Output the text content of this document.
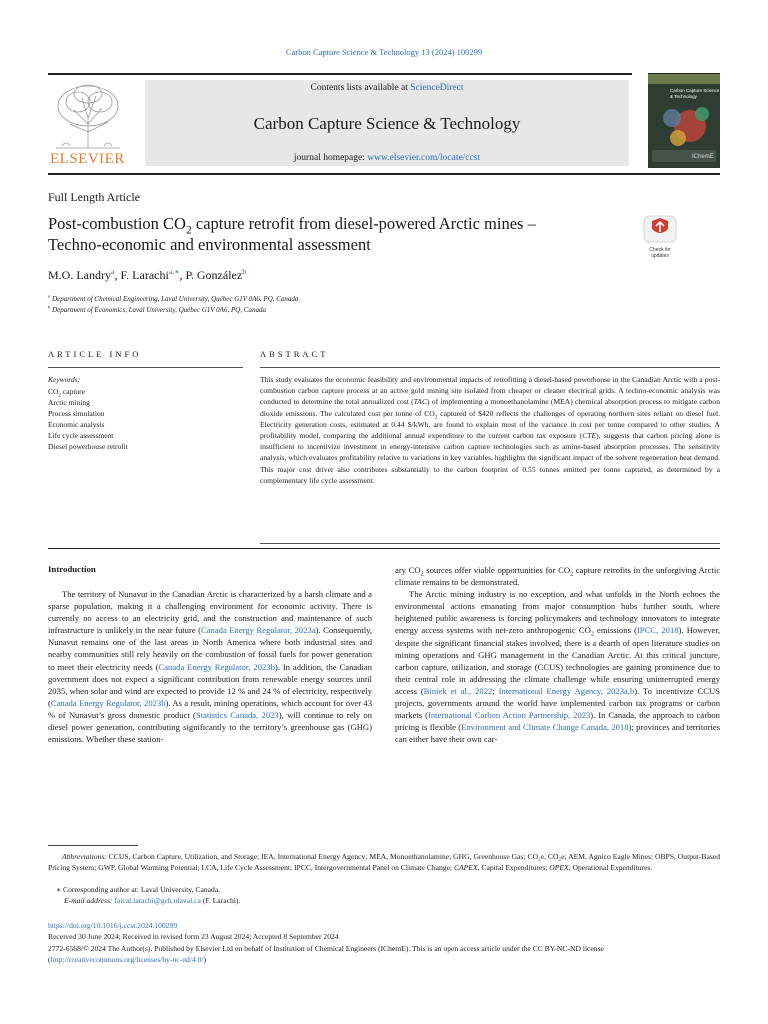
Carbon Capture Science & Technology 13 (2024) 100299
ELSEVIER
Contents lists available at ScienceDirect
Carbon Capture Science & Technology
journal homepage: www.elsevier.com/locate/ccst
Carbon Capture Science
& Technology
IChemE
Full Length Article
Post-combustion $CO_2$ capture retrofit from diesel-powered Arctic mines –
Techno-economic and environmental assessment	Check for
updates
M.O. Landry$^a$, F. Larachi$^{a,∗}$, P. González$^b$
$^a$ Department of Chemical Engineering, Laval University, Québec G1V 0A6, PQ, Canada
$^b$ Department of Economics, Laval University, Québec G1V 0A6, PQ, Canada
ARTICLE INFO	ABSTRACT
Keywords:
$CO_2$ capture
Arctic mining
Process simulation
Economic analysis
Life cycle assessment
Diesel powerhouse retrofit
This study evaluates the economic feasibility and environmental impacts of retrofitting a diesel-based powerhouse in the Canadian Arctic with a post-combustion carbon capture process at an active gold mining site isolated from cheaper or cleaner electrical grids. A techno-economic analysis was conducted to determine the total annualized cost (TAC) of implementing a monoethanolamine (MEA) chemical absorption process to mitigate carbon dioxide emissions. The calculated cost per tonne of $CO_2$ captured of $420 reflects the challenges of operating northern sites reliant on diesel fuel. Electricity generation costs, estimated at 0.44 $/kWh, are found to explain most of the variance in cost per tonne compared to other studies. A profitability model, comparing the additional annual expenditure to the current carbon tax exposure (CTE), suggests that carbon pricing alone is insufficient to incentivize investment in energy-intensive carbon capture technologies such as amine-based absorption processes. The sensitivity analysis, which evaluates profitability relative to variations in key variables, highlights the significant impact of the solvent regeneration heat demand. This major cost driver also contributes substantially to the carbon footprint of 0.55 tonnes emitted per tonne captured, as determined by a complementary life cycle assessment.
Introduction

The territory of Nunavut in the Canadian Arctic is characterized by a harsh climate and a sparse population, making it a challenging environment for economic activity. There is currently no access to an electricity grid, and the construction and maintenance of such infrastructure is unlikely in the near future (Canada Energy Regulator, 2023a). Consequently, Nunavut remains one of the last areas in North America where both industrial sites and nearby communities still rely heavily on the combustion of fossil fuels for power generation to meet their electricity needs (Canada Energy Regulator, 2023b). In addition, the Canadian government does not expect a significant contribution from renewable energy sources until 2035, when solar and wind are expected to provide 12 % and 24 % of electricity, respectively (Canada Energy Regulator, 2023b). As a result, mining operations, which account for over 43 % of Nunavut’s gross domestic product (Statistics Canada, 2023), will continue to rely on diesel power generation, contributing significantly to the territory’s greenhouse gas (GHG) emissions. Whether these station-

ary $CO_2$ sources offer viable opportunities for $CO_2$ capture retrofits in the unforgiving Arctic climate remains to be demonstrated.

The Arctic mining industry is no exception, and what unfolds in the North echoes the environmental actions emanating from major consumption hubs further south, where heightened public awareness is forcing policymakers and technology innovators to integrate energy access systems with net-zero anthropogenic $CO_2$ emissions (IPCC, 2018). However, despite the significant financial stakes involved, there is a dearth of open literature studies on mining operations and GHG management in the Canadian Arctic. At this critical juncture, carbon capture, utilization, and storage (CCUS) technologies are gaining prominence due to their central role in addressing the climate challenge while ensuring uninterrupted energy access (Biniek et al., 2022; International Energy Agency, 2023a,b). To incentivize CCUS projects, governments around the world have implemented carbon tax programs or carbon markets (International Carbon Action Partnership, 2023). In Canada, the approach to carbon pricing is flexible (Environment and Climate Change Canada, 2018); provinces and territories can either have their own car-

Abbreviations: CCUS, Carbon Capture, Utilization, and Storage; IEA, International Energy Agency; MEA, Monoethanolamine; GHG, Greenhouse Gas; CO₂e, CO₂e; AEM, Agnico Eagle Mines; OBPS, Output-Based Pricing System; GWP, Global Warming Potential; LCA, Life Cycle Assessment; IPCC, Intergovernmental Panel on Climate Change; CAPEX, Capital Expenditures; OPEX, Operational Expenditures.
∗ Corresponding author at: Laval University, Canada.
E-mail address: faical.larachi@gch.ulaval.ca (F. Larachi).
https://doi.org/10.1016/j.ccst.2024.100299
Received 30 June 2024; Received in revised form 23 August 2024; Accepted 8 September 2024
2772-6568/© 2024 The Author(s). Published by Elsevier Ltd on behalf of Institution of Chemical Engineers (IChemE). This is an open access article under the CC BY-NC-ND license (http://creativecommons.org/licenses/by-nc-nd/4.0/)
